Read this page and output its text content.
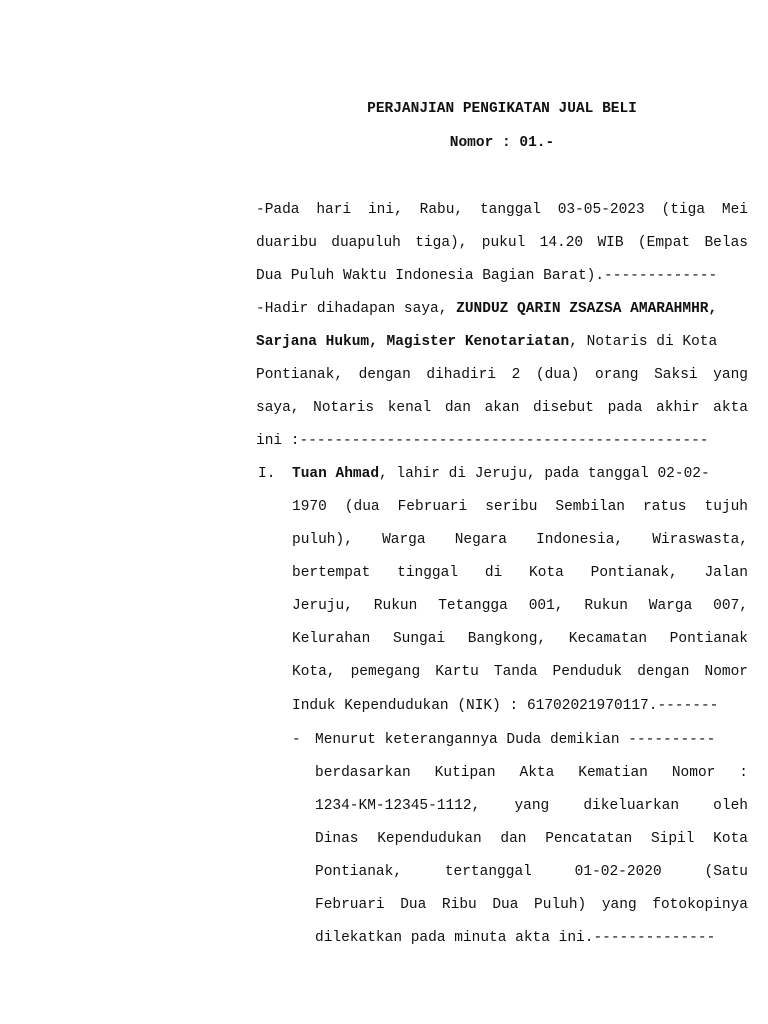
PERJANJIAN PENGIKATAN JUAL BELI
Nomor : 01.-
-Pada hari ini, Rabu, tanggal 03-05-2023 (tiga Mei
duaribu duapuluh tiga), pukul 14.20 WIB (Empat Belas
Dua Puluh Waktu Indonesia Bagian Barat).-------------
-Hadir dihadapan saya, ZUNDUZ QARIN ZSAZSA AMARAHMHR,
Sarjana Hukum, Magister Kenotariatan, Notaris di Kota
Pontianak, dengan dihadiri 2 (dua) orang Saksi yang
saya, Notaris kenal dan akan disebut pada akhir akta
ini :-----------------------------------------------
I. Tuan Ahmad, lahir di Jeruju, pada tanggal 02-02-
1970 (dua Februari seribu Sembilan ratus tujuh
puluh), Warga Negara Indonesia, Wiraswasta,
bertempat tinggal di Kota Pontianak, Jalan
Jeruju, Rukun Tetangga 001, Rukun Warga 007,
Kelurahan Sungai Bangkong, Kecamatan Pontianak
Kota, pemegang Kartu Tanda Penduduk dengan Nomor
Induk Kependudukan (NIK) : 61702021970117.-------
- Menurut keterangannya Duda demikian ----------
berdasarkan Kutipan Akta Kematian Nomor :
1234-KM-12345-1112, yang dikeluarkan oleh
Dinas Kependudukan dan Pencatatan Sipil Kota
Pontianak, tertanggal 01-02-2020 (Satu
Februari Dua Ribu Dua Puluh) yang fotokopinya
dilekatkan pada minuta akta ini.--------------
